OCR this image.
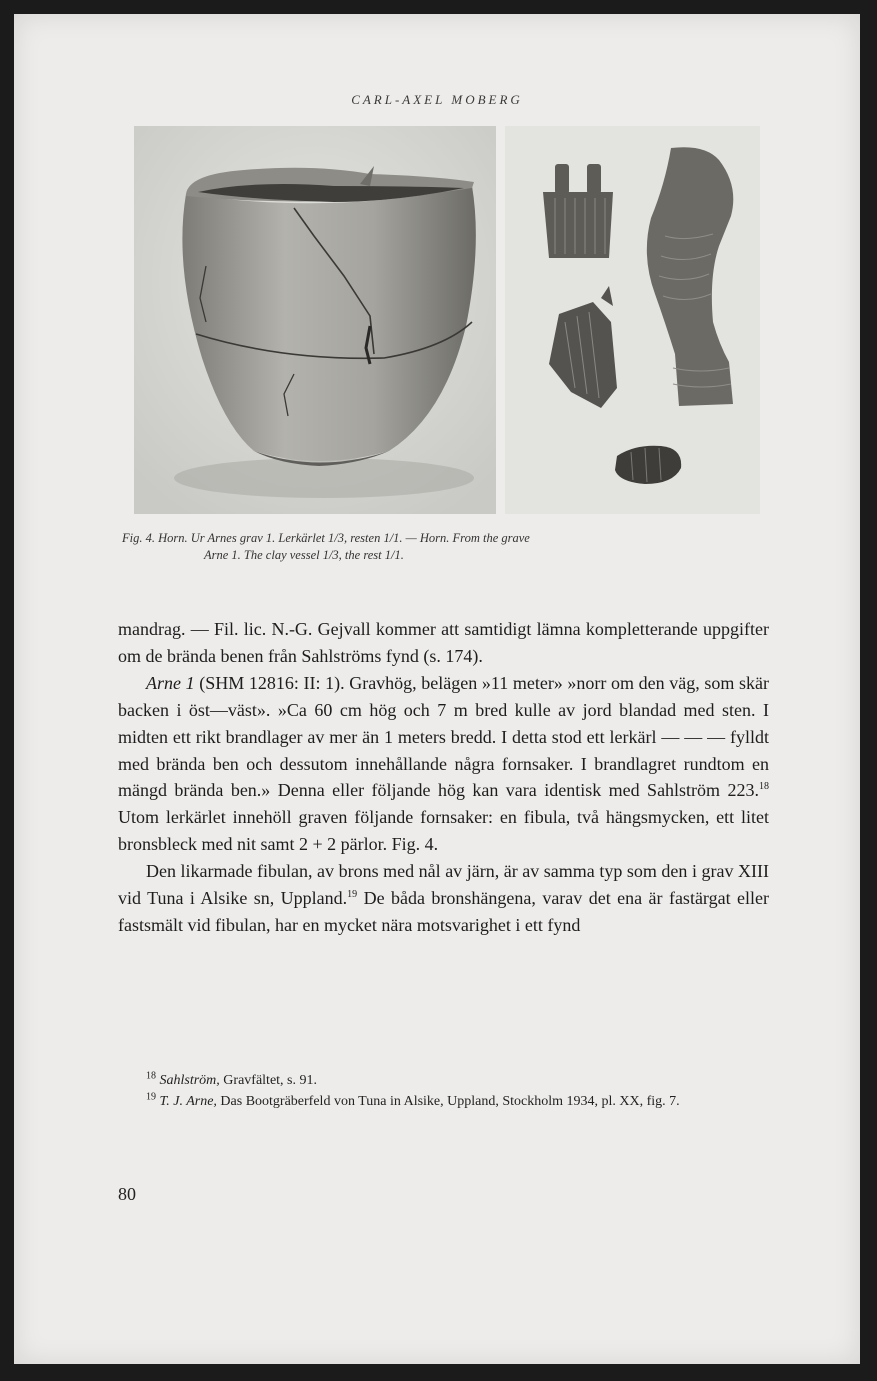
CARL-AXEL MOBERG
Fig. 4. Horn. Ur Arnes grav 1. Lerkärlet 1/3, resten 1/1. — Horn. From the grave
Arne 1. The clay vessel 1/3, the rest 1/1.

mandrag. — Fil. lic. N.-G. Gejvall kommer att samtidigt lämna kompletterande uppgifter om de brända benen från Sahlströms fynd (s. 174).

Arne 1 (SHM 12816: II: 1). Gravhög, belägen »11 meter» »norr om den väg, som skär backen i öst—väst». »Ca 60 cm hög och 7 m bred kulle av jord blandad med sten. I midten ett rikt brandlager av mer än 1 meters bredd. I detta stod ett lerkärl — — — fylldt med brända ben och dessutom innehållande några fornsaker. I brandlagret rundtom en mängd brända ben.» Denna eller följande hög kan vara identisk med Sahlström 223.18 Utom lerkärlet innehöll graven följande fornsaker: en fibula, två hängsmycken, ett litet bronsbleck med nit samt 2 + 2 pärlor. Fig. 4.

Den likarmade fibulan, av brons med nål av järn, är av samma typ som den i grav XIII vid Tuna i Alsike sn, Uppland.$^{19}$ De båda bronshängena, varav det ena är fastärgat eller fastsmält vid fibulan, har en mycket nära motsvarighet i ett fynd

$^{18}$ Sahlström, Gravfältet, s. 91.

$^{19}$ T. J. Arne, Das Bootgräberfeld von Tuna in Alsike, Uppland, Stockholm 1934, pl. XX, fig. 7.

80
